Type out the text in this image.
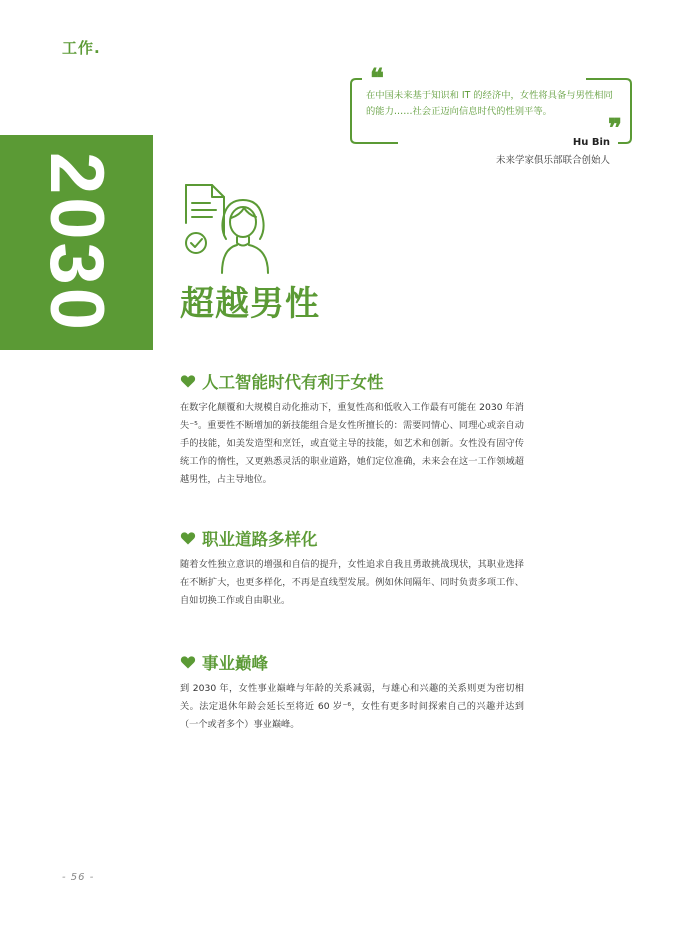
工作.
❝
在中国未来基于知识和 IT 的经济中，女性将具备与男性相同的能力……社会正迈向信息时代的性别平等。
❞
Hu Bin
未来学家俱乐部联合创始人
2030 超越男性
人工智能时代有利于女性
在数字化颠覆和大规模自动化推动下，重复性高和低收入工作最有可能在 2030 年消失⁻⁵。重要性不断增加的新技能组合是女性所擅长的：需要同情心、同理心或亲自动手的技能，如美发造型和烹饪，或直觉主导的技能，如艺术和创新。女性没有固守传统工作的惰性，又更熟悉灵活的职业道路，她们定位准确，未来会在这一工作领域超越男性，占主导地位。
职业道路多样化
随着女性独立意识的增强和自信的提升，女性追求自我且勇敢挑战现状，其职业选择在不断扩大，也更多样化，不再是直线型发展。例如休间隔年、同时负责多项工作、自如切换工作或自由职业。
事业巅峰
到 2030 年，女性事业巅峰与年龄的关系减弱，与雄心和兴趣的关系则更为密切相关。法定退休年龄会延长至将近 60 岁⁻⁶，女性有更多时间探索自己的兴趣并达到（一个或者多个）事业巅峰。
- 56 -
